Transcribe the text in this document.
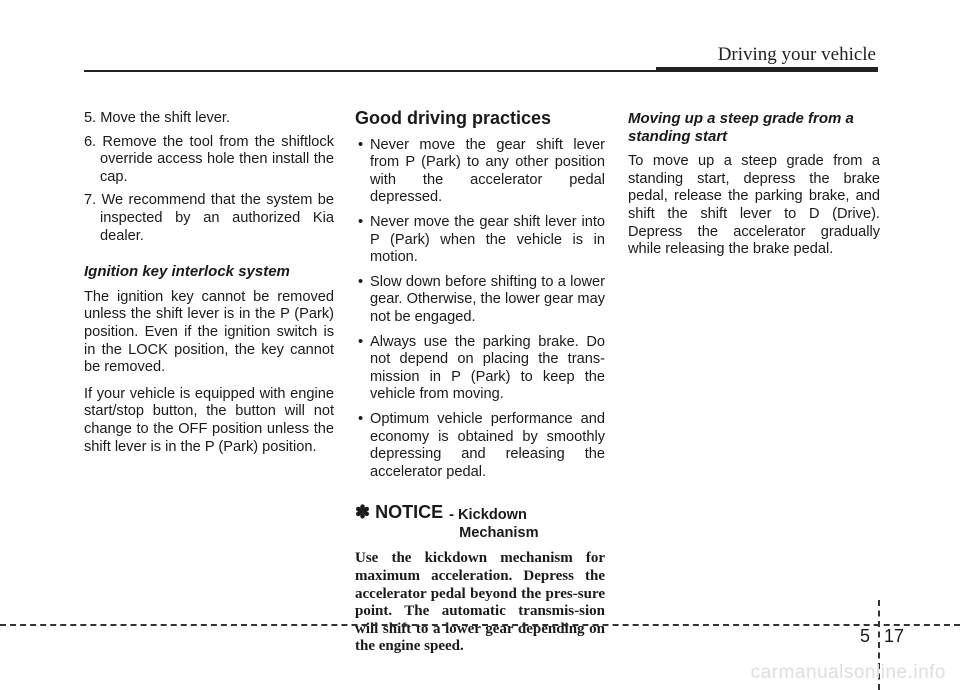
Driving your vehicle
5. Move the shift lever.
6. Remove the tool from the shiftlock override access hole then install the cap.
7. We recommend that the system be inspected by an authorized Kia dealer.
Ignition key interlock system

The ignition key cannot be removed unless the shift lever is in the P (Park) position. Even if the ignition switch is in the LOCK position, the key cannot be removed.

If your vehicle is equipped with engine start/stop button, the button will not change to the OFF position unless the shift lever is in the P (Park) position.

Good driving practices
• Never move the gear shift lever from P (Park) to any other position with the accelerator pedal depressed.
• Never move the gear shift lever into P (Park) when the vehicle is in motion.
• Slow down before shifting to a lower gear. Otherwise, the lower gear may not be engaged.
• Always use the parking brake. Do not depend on placing the trans-mission in P (Park) to keep the vehicle from moving.
• Optimum vehicle performance and economy is obtained by smoothly depressing and releasing the accelerator pedal.
✽ NOTICE - Kickdown
Mechanism
Use the kickdown mechanism for maximum acceleration. Depress the accelerator pedal beyond the pres-sure point. The automatic transmis-sion will shift to a lower gear depending on the engine speed.
Moving up a steep grade from a standing start

To move up a steep grade from a standing start, depress the brake pedal, release the parking brake, and shift the shift lever to D (Drive). Depress the accelerator gradually while releasing the brake pedal.

5 17
carmanualsonline.info
